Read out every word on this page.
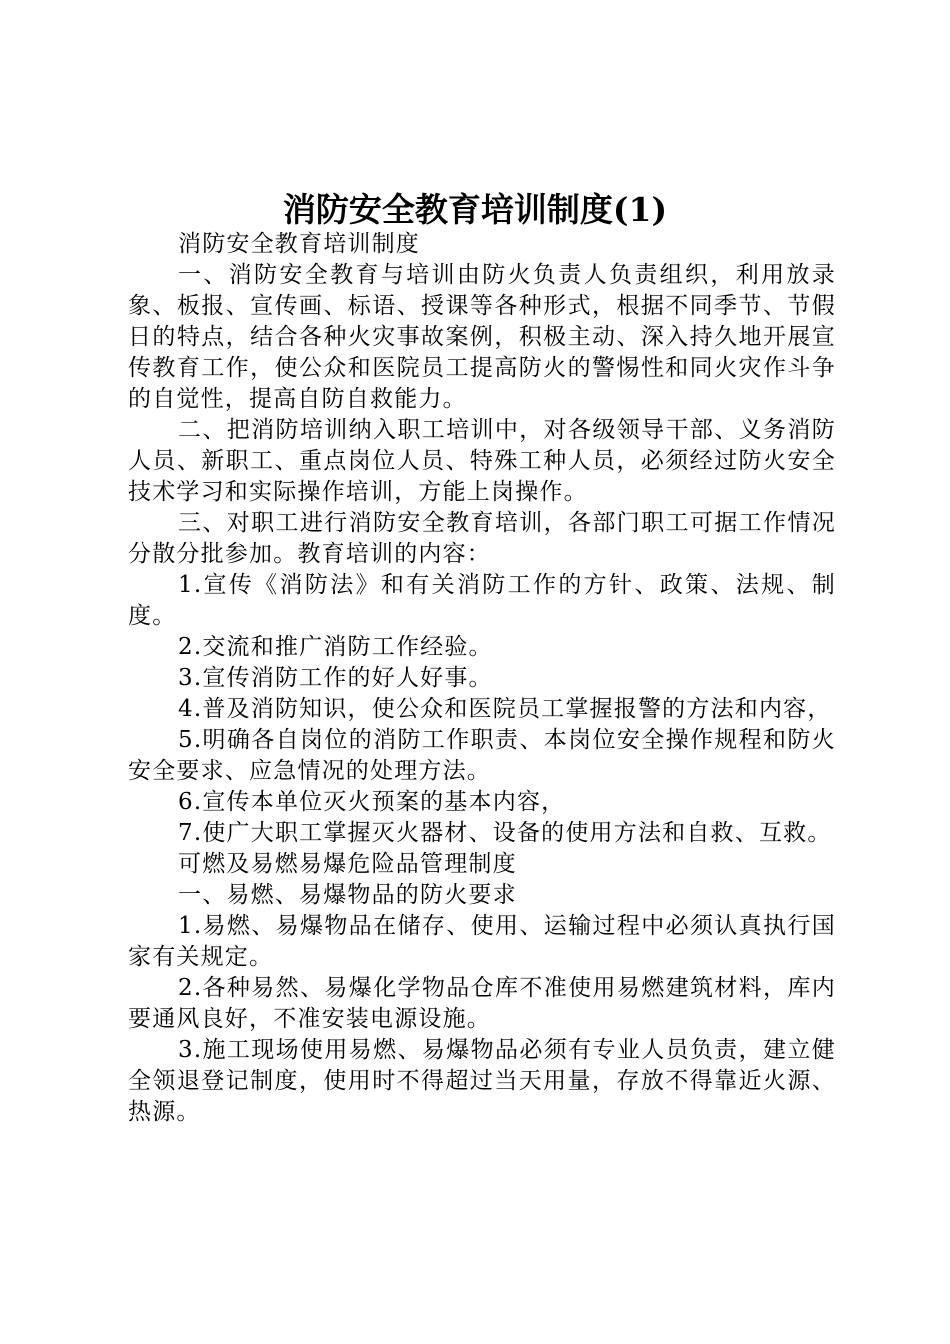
消防安全教育培训制度(1)

消防安全教育培训制度

一、消防安全教育与培训由防火负责人负责组织，利用放录象、板报、宣传画、标语、授课等各种形式，根据不同季节、节假日的特点，结合各种火灾事故案例，积极主动、深入持久地开展宣传教育工作，使公众和医院员工提高防火的警惕性和同火灾作斗争的自觉性，提高自防自救能力。

二、把消防培训纳入职工培训中，对各级领导干部、义务消防人员、新职工、重点岗位人员、特殊工种人员，必须经过防火安全技术学习和实际操作培训，方能上岗操作。

三、对职工进行消防安全教育培训，各部门职工可据工作情况分散分批参加。教育培训的内容：

1.宣传《消防法》和有关消防工作的方针、政策、法规、制度。

2.交流和推广消防工作经验。

3.宣传消防工作的好人好事。

4.普及消防知识，使公众和医院员工掌握报警的方法和内容，

5.明确各自岗位的消防工作职责、本岗位安全操作规程和防火安全要求、应急情况的处理方法。

6.宣传本单位灭火预案的基本内容，

7.使广大职工掌握灭火器材、设备的使用方法和自救、互救。

可燃及易燃易爆危险品管理制度

一、易燃、易爆物品的防火要求

1.易燃、易爆物品在储存、使用、运输过程中必须认真执行国家有关规定。

2.各种易然、易爆化学物品仓库不准使用易燃建筑材料，库内要通风良好，不准安装电源设施。

3.施工现场使用易燃、易爆物品必须有专业人员负责，建立健全领退登记制度，使用时不得超过当天用量，存放不得靠近火源、热源。
